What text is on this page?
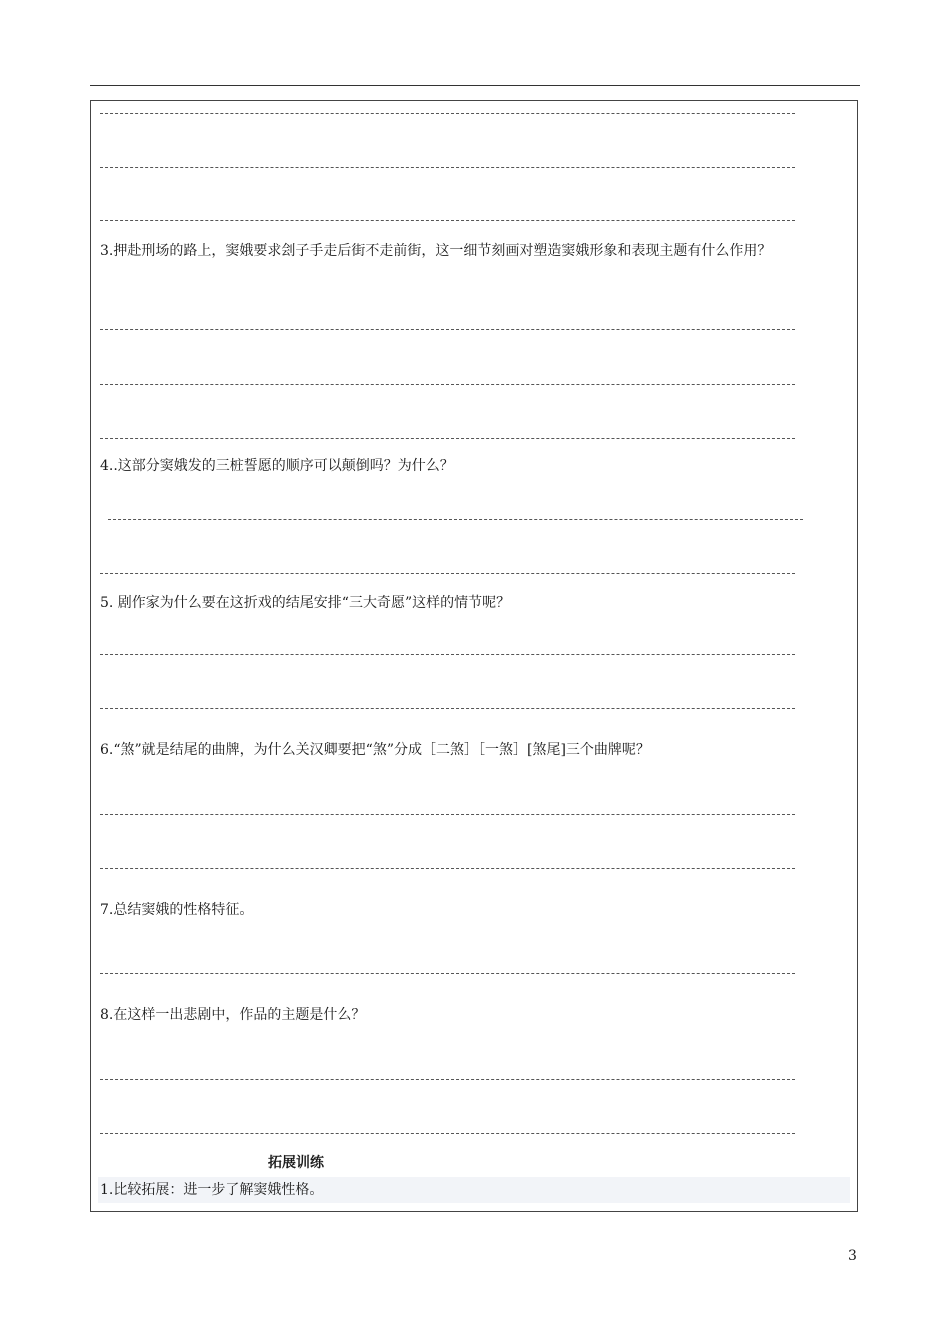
3.押赴刑场的路上，窦娥要求刽子手走后街不走前街，这一细节刻画对塑造窦娥形象和表现主题有什么作用？
4..这部分窦娥发的三桩誓愿的顺序可以颠倒吗？为什么？
5. 剧作家为什么要在这折戏的结尾安排“三大奇愿”这样的情节呢？
6.“煞”就是结尾的曲牌，为什么关汉卿要把“煞”分成［二煞］［一煞］[煞尾]三个曲牌呢？
7.总结窦娥的性格特征。
8.在这样一出悲剧中，作品的主题是什么？
拓展训练
1.比较拓展：进一步了解窦娥性格。
3
